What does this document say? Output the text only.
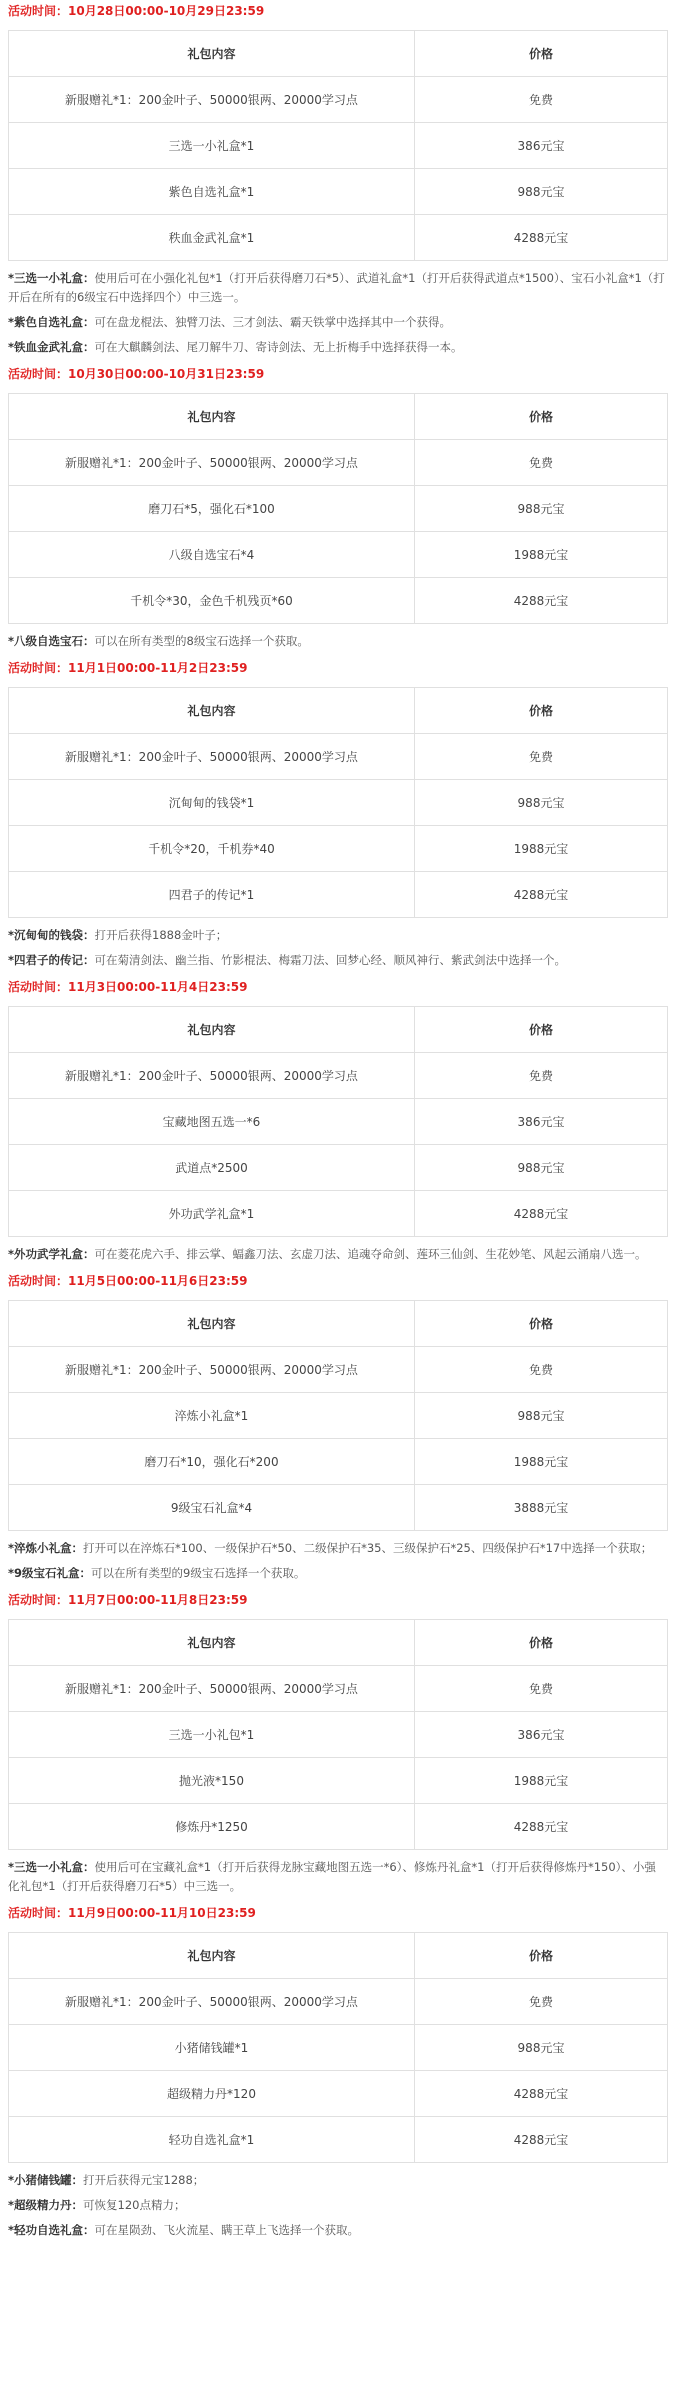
活动时间：10月28日00:00-10月29日23:59
礼包内容	价格
新服赠礼*1：200金叶子、50000银两、20000学习点	免费
三选一小礼盒*1	386元宝
紫色自选礼盒*1	988元宝
秩血金武礼盒*1	4288元宝

*三选一小礼盒：使用后可在小强化礼包*1（打开后获得磨刀石*5）、武道礼盒*1（打开后获得武道点*1500）、宝石小礼盒*1（打开后在所有的6级宝石中选择四个）中三选一。

*紫色自选礼盒：可在盘龙棍法、独臂刀法、三才剑法、霸天铁掌中选择其中一个获得。

*铁血金武礼盒：可在大麒麟剑法、尾刀解牛刀、寄诗剑法、无上折梅手中选择获得一本。

活动时间：10月30日00:00-10月31日23:59
礼包内容	价格
新服赠礼*1：200金叶子、50000银两、20000学习点	免费
磨刀石*5，强化石*100	988元宝
八级自选宝石*4	1988元宝
千机令*30，金色千机残页*60	4288元宝

*八级自选宝石：可以在所有类型的8级宝石选择一个获取。

活动时间：11月1日00:00-11月2日23:59
礼包内容	价格
新服赠礼*1：200金叶子、50000银两、20000学习点	免费
沉甸甸的钱袋*1	988元宝
千机令*20，千机券*40	1988元宝
四君子的传记*1	4288元宝

*沉甸甸的钱袋：打开后获得1888金叶子；

*四君子的传记：可在菊清剑法、幽兰指、竹影棍法、梅霜刀法、回梦心经、顺风神行、紫武剑法中选择一个。

活动时间：11月3日00:00-11月4日23:59
礼包内容	价格
新服赠礼*1：200金叶子、50000银两、20000学习点	免费
宝藏地图五选一*6	386元宝
武道点*2500	988元宝
外功武学礼盒*1	4288元宝

*外功武学礼盒：可在菱花虎六手、排云掌、蝠鑫刀法、玄虚刀法、追魂夺命剑、莲环三仙剑、生花妙笔、风起云涌扇八选一。

活动时间：11月5日00:00-11月6日23:59
礼包内容	价格
新服赠礼*1：200金叶子、50000银两、20000学习点	免费
淬炼小礼盒*1	988元宝
磨刀石*10，强化石*200	1988元宝
9级宝石礼盒*4	3888元宝

*淬炼小礼盒：打开可以在淬炼石*100、一级保护石*50、二级保护石*35、三级保护石*25、四级保护石*17中选择一个获取；

*9级宝石礼盒：可以在所有类型的9级宝石选择一个获取。

活动时间：11月7日00:00-11月8日23:59
礼包内容	价格
新服赠礼*1：200金叶子、50000银两、20000学习点	免费
三选一小礼包*1	386元宝
抛光液*150	1988元宝
修炼丹*1250	4288元宝

*三选一小礼盒：使用后可在宝藏礼盒*1（打开后获得龙脉宝藏地图五选一*6）、修炼丹礼盒*1（打开后获得修炼丹*150）、小强化礼包*1（打开后获得磨刀石*5）中三选一。

活动时间：11月9日00:00-11月10日23:59
礼包内容	价格
新服赠礼*1：200金叶子、50000银两、20000学习点	免费
小猪储钱罐*1	988元宝
超级精力丹*120	4288元宝
轻功自选礼盒*1	4288元宝

*小猪储钱罐：打开后获得元宝1288；

*超级精力丹：可恢复120点精力；

*轻功自选礼盒：可在星陨劲、飞火流星、瞒王草上飞选择一个获取。
